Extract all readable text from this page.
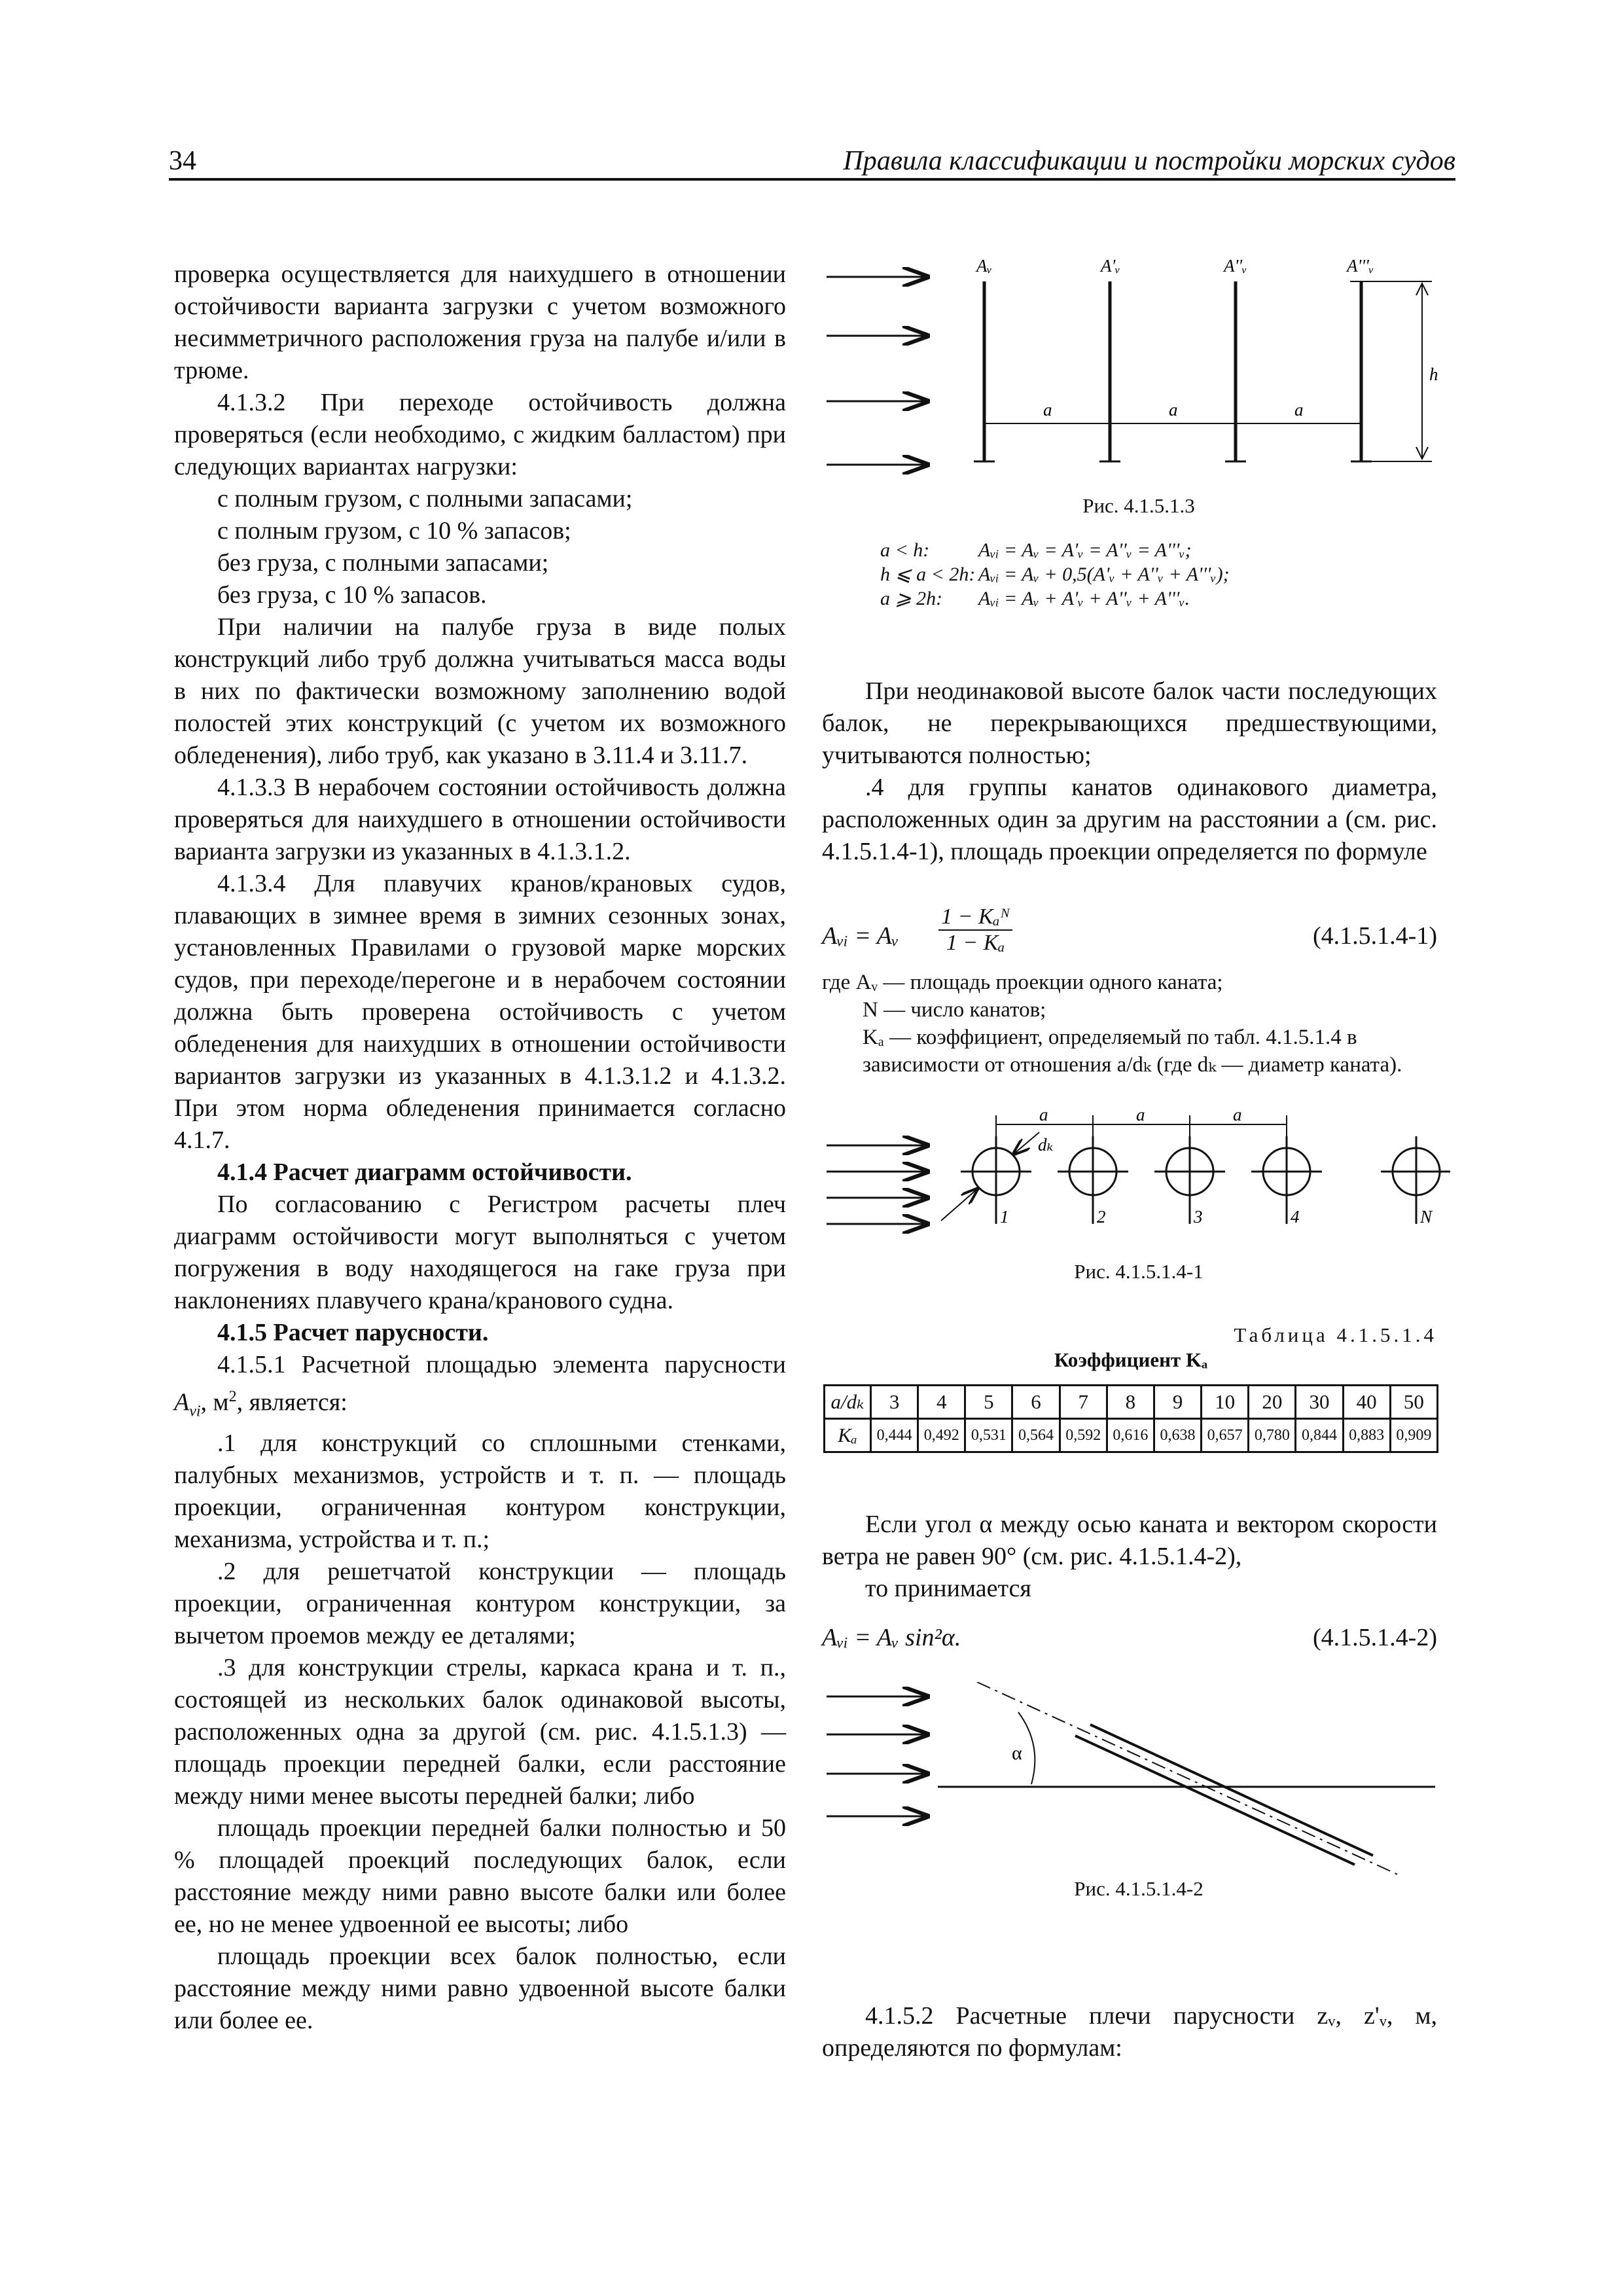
34	Правила классификации и постройки морских судов

проверка осуществляется для наихудшего в отношении остойчивости варианта загрузки с учетом возможного несимметричного расположения груза на палубе и/или в трюме.

4.1.3.2 При переходе остойчивость должна проверяться (если необходимо, с жидким балластом) при следующих вариантах нагрузки:

с полным грузом, с полными запасами;

с полным грузом, с 10 % запасов;

без груза, с полными запасами;

без груза, с 10 % запасов.

При наличии на палубе груза в виде полых конструкций либо труб должна учитываться масса воды в них по фактически возможному заполнению водой полостей этих конструкций (с учетом их возможного обледенения), либо труб, как указано в 3.11.4 и 3.11.7.

4.1.3.3 В нерабочем состоянии остойчивость должна проверяться для наихудшего в отношении остойчивости варианта загрузки из указанных в 4.1.3.1.2.

4.1.3.4 Для плавучих кранов/крановых судов, плавающих в зимнее время в зимних сезонных зонах, установленных Правилами о грузовой марке морских судов, при переходе/перегоне и в нерабочем состоянии должна быть проверена остойчивость с учетом обледенения для наихудших в отношении остойчивости вариантов загрузки из указанных в 4.1.3.1.2 и 4.1.3.2. При этом норма обледенения принимается согласно 4.1.7.

4.1.4 Расчет диаграмм остойчивости.

По согласованию с Регистром расчеты плеч диаграмм остойчивости могут выполняться с учетом погружения в воду находящегося на гаке груза при наклонениях плавучего крана/кранового судна.

4.1.5 Расчет парусности.

4.1.5.1 Расчетной площадью элемента парусности $A_{vi}$, $м^2$, является:

.1 для конструкций со сплошными стенками, палубных механизмов, устройств и т. п. — площадь проекции, ограниченная контуром конструкции, механизма, устройства и т. п.;

.2 для решетчатой конструкции — площадь проекции, ограниченная контуром конструкции, за вычетом проемов между ее деталями;

.3 для конструкции стрелы, каркаса крана и т. п., состоящей из нескольких балок одинаковой высоты, расположенных одна за другой (см. рис. 4.1.5.1.3) — площадь проекции передней балки, если расстояние между ними менее высоты передней балки; либо

площадь проекции передней балки полностью и 50 % площадей проекций последующих балок, если расстояние между ними равно высоте балки или более ее, но не менее удвоенной ее высоты; либо

площадь проекции всех балок полностью, если расстояние между ними равно удвоенной высоте балки или более ее.

Aᵥ	A'ᵥ	A''ᵥ	A'''ᵥ
a	a	a
h
Рис. 4.1.5.1.3
a < h: Aᵥᵢ = Aᵥ = A'ᵥ = A''ᵥ = A'''ᵥ;
h ⩽ a < 2h: Aᵥᵢ = Aᵥ + 0,5(A'ᵥ + A''ᵥ + A'''ᵥ);
a ⩾ 2h: Aᵥᵢ = Aᵥ + A'ᵥ + A''ᵥ + A'''ᵥ.

При неодинаковой высоте балок части последующих балок, не перекрывающихся предшествующими, учитываются полностью;

.4 для группы канатов одинакового диаметра, расположенных один за другим на расстоянии a (см. рис. 4.1.5.1.4-1), площадь проекции определяется по формуле

Aᵥᵢ = Aᵥ
1 − Kₐᴺ
1 − Kₐ	(4.1.5.1.4-1)
где Aᵥ — площадь проекции одного каната;
N — число канатов;
Kₐ — коэффициент, определяемый по табл. 4.1.5.1.4 в зависимости от отношения a/dₖ (где dₖ — диаметр каната).
a	a	a
dₖ
1	2	3	4	N
Рис. 4.1.5.1.4-1
Таблица 4.1.5.1.4
Коэффициент Kₐ
a/dₖ	3	4	5	6	7	8	9	10	20	30	40	50
Kₐ	0,444	0,492	0,531	0,564	0,592	0,616	0,638	0,657	0,780	0,844	0,883	0,909

Если угол α между осью каната и вектором скорости ветра не равен 90° (см. рис. 4.1.5.1.4-2),

то принимается

Aᵥᵢ = Aᵥ sin²α.	(4.1.5.1.4-2)
α
Рис. 4.1.5.1.4-2

4.1.5.2 Расчетные плечи парусности zᵥ, z'ᵥ, м, определяются по формулам:
